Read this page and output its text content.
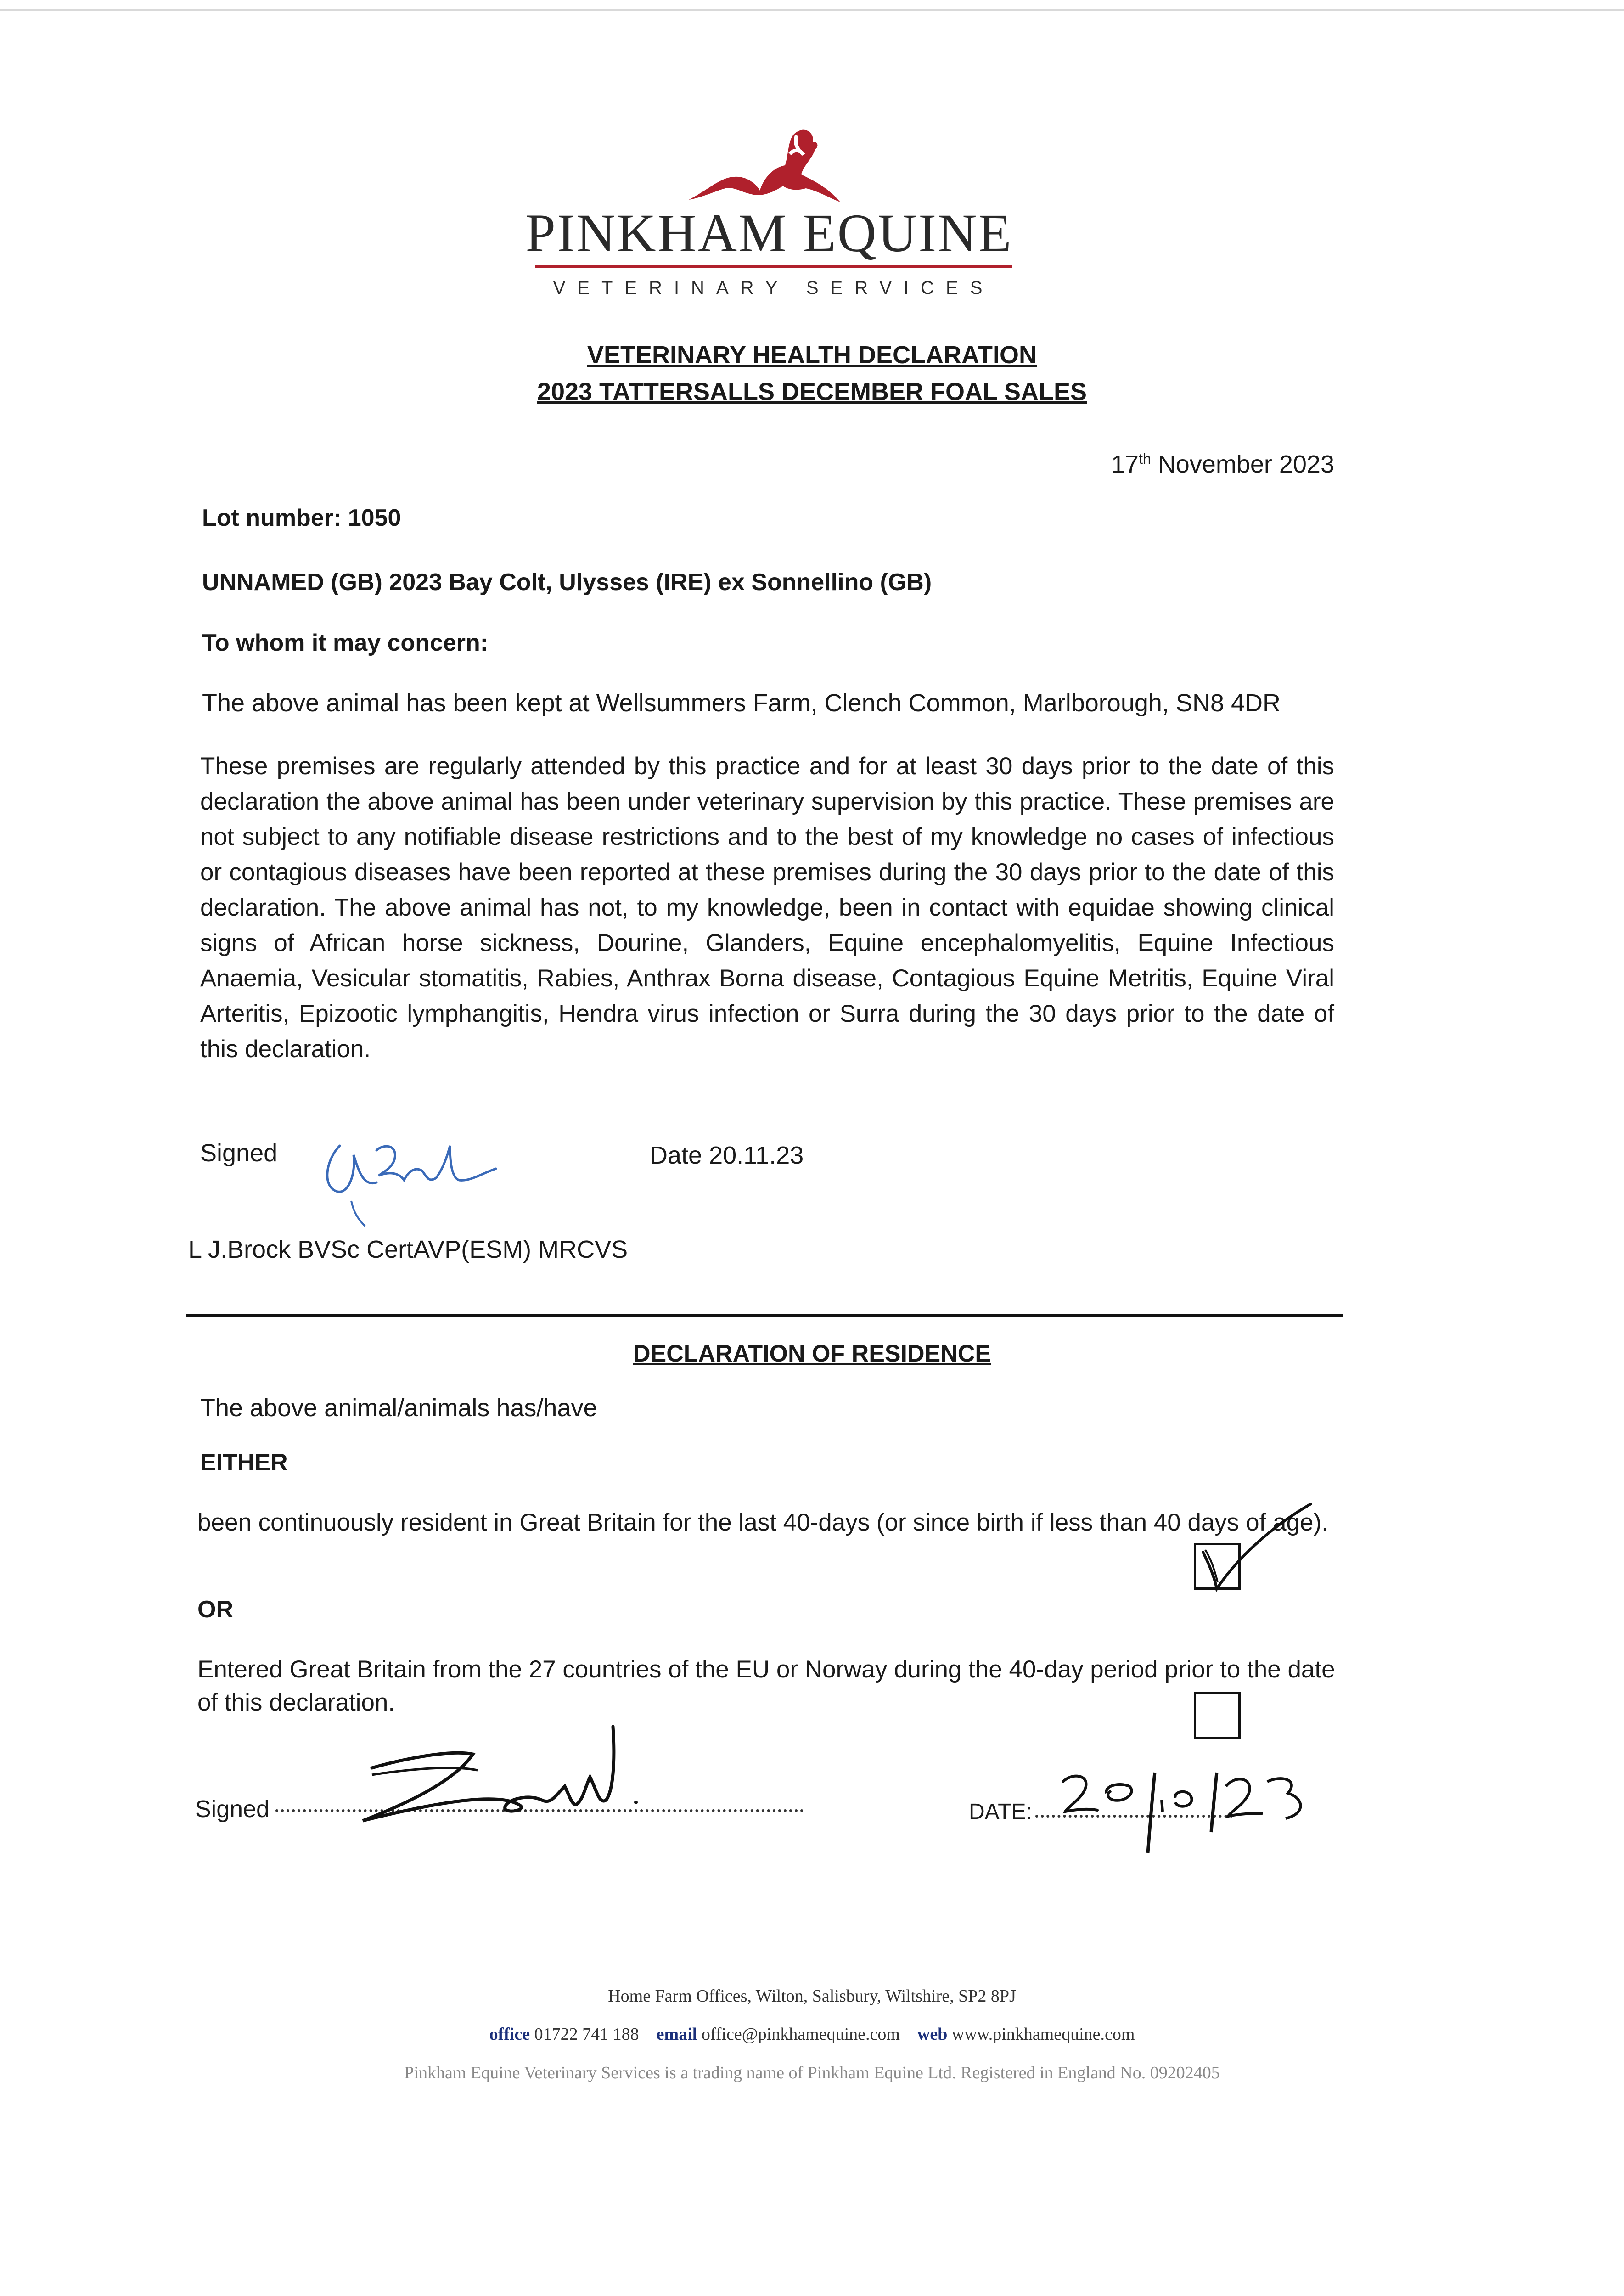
PINKHAM EQUINE
VETERINARY SERVICES
VETERINARY HEALTH DECLARATION
2023 TATTERSALLS DECEMBER FOAL SALES
17th November 2023
Lot number: 1050
UNNAMED (GB) 2023 Bay Colt, Ulysses (IRE) ex Sonnellino (GB)
To whom it may concern:
The above animal has been kept at Wellsummers Farm, Clench Common, Marlborough, SN8 4DR
These premises are regularly attended by this practice and for at least 30 days prior to the date of this declaration the above animal has been under veterinary supervision by this practice. These premises are not subject to any notifiable disease restrictions and to the best of my knowledge no cases of infectious or contagious diseases have been reported at these premises during the 30 days prior to the date of this declaration. The above animal has not, to my knowledge, been in contact with equidae showing clinical signs of African horse sickness, Dourine, Glanders, Equine encephalomyelitis, Equine Infectious Anaemia, Vesicular stomatitis, Rabies, Anthrax Borna disease, Contagious Equine Metritis, Equine Viral Arteritis, Epizootic lymphangitis, Hendra virus infection or Surra during the 30 days prior to the date of this declaration.
Signed	Date 20.11.23
L J.Brock BVSc CertAVP(ESM) MRCVS
DECLARATION OF RESIDENCE
The above animal/animals has/have
EITHER
been continuously resident in Great Britain for the last 40-days (or since birth if less than 40 days of age).
OR
Entered Great Britain from the 27 countries of the EU or Norway during the 40-day period prior to the date of this declaration.
Signed	DATE:
Home Farm Offices, Wilton, Salisbury, Wiltshire, SP2 8PJ
office 01722 741 188 email office@pinkhamequine.com web www.pinkhamequine.com
Pinkham Equine Veterinary Services is a trading name of Pinkham Equine Ltd. Registered in England No. 09202405
